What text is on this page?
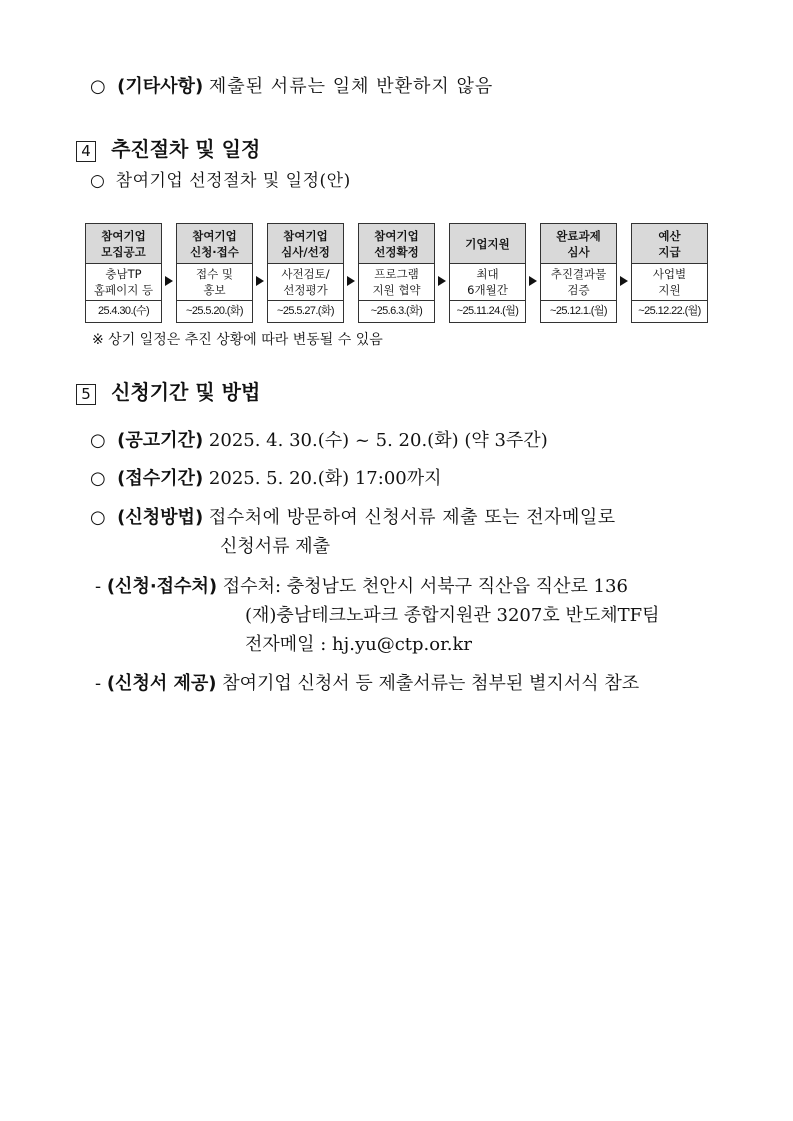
○ (기타사항) 제출된 서류는 일체 반환하지 않음
4 추진절차 및 일정
○ 참여기업 선정절차 및 일정(안)
참여기업
모집공고
충남TP
홈페이지 등
25.4.30.(수)
참여기업
신청·접수
접수 및
홍보
~25.5.20.(화)
참여기업
심사/선정
사전검토/
선정평가
~25.5.27.(화)
참여기업
선정확정
프로그램
지원 협약
~25.6.3.(화)
기업지원
최대
6개월간
~25.11.24.(월)
완료과제
심사
추진결과물
검증
~25.12.1.(월)
예산
지급
사업별
지원
~25.12.22.(월)
※ 상기 일정은 추진 상황에 따라 변동될 수 있음
5 신청기간 및 방법
○ (공고기간) 2025. 4. 30.(수) ~ 5. 20.(화) (약 3주간)
○ (접수기간) 2025. 5. 20.(화) 17:00까지
○ (신청방법) 접수처에 방문하여 신청서류 제출 또는 전자메일로
신청서류 제출
- (신청·접수처) 접수처: 충청남도 천안시 서북구 직산읍 직산로 136
(재)충남테크노파크 종합지원관 3207호 반도체TF팀
전자메일 : hj.yu@ctp.or.kr
- (신청서 제공) 참여기업 신청서 등 제출서류는 첨부된 별지서식 참조
